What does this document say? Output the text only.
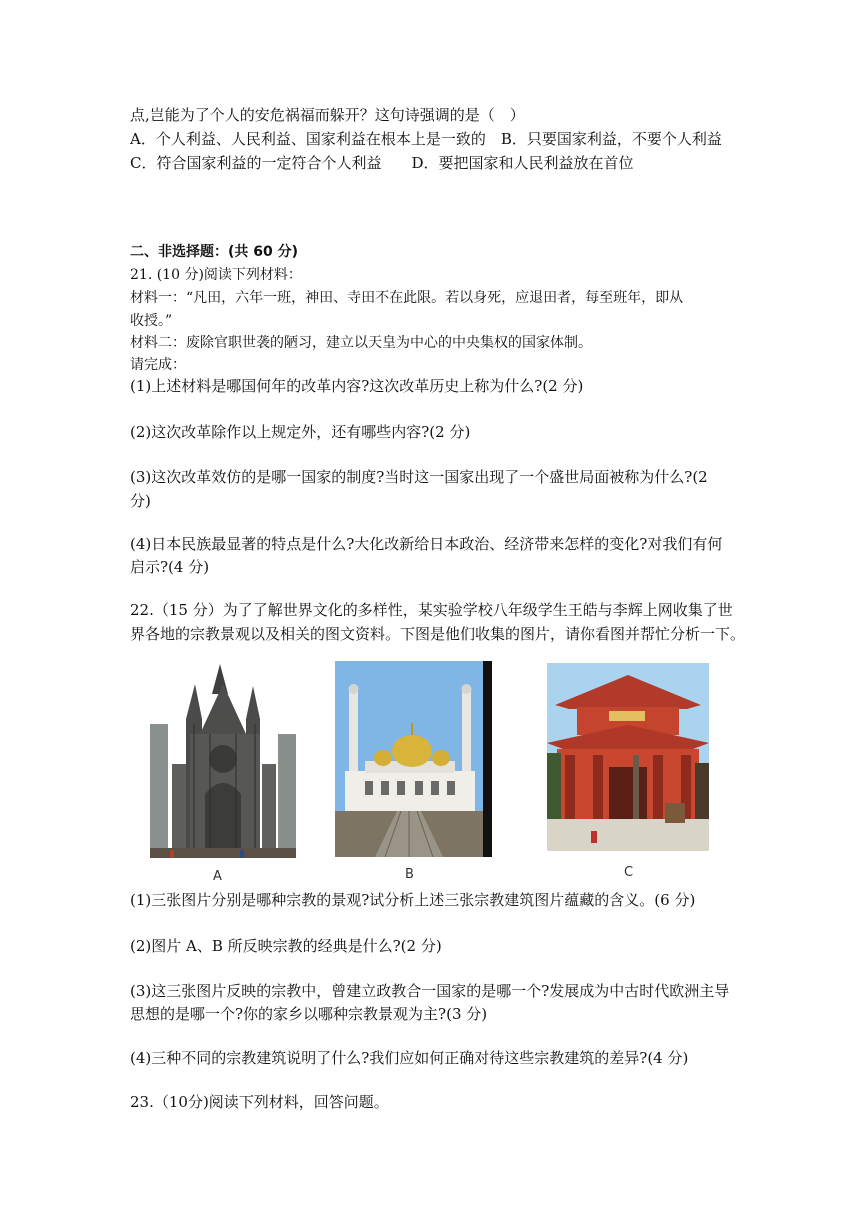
点,岂能为了个人的安危祸福而躲开？这句诗强调的是（　）
A．个人利益、人民利益、国家利益在根本上是一致的　B．只要国家利益，不要个人利益
C．符合国家利益的一定符合个人利益　　D．要把国家和人民利益放在首位
二、非选择题：(共 60 分)
21. (10 分)阅读下列材料：
材料一：“凡田，六年一班，神田、寺田不在此限。若以身死，应退田者，每至班年，即从
收授。”
材料二：废除官职世袭的陋习，建立以天皇为中心的中央集权的国家体制。
请完成：
(1)上述材料是哪国何年的改革内容?这次改革历史上称为什么?(2 分)
(2)这次改革除作以上规定外，还有哪些内容?(2 分)
(3)这次改革效仿的是哪一国家的制度?当时这一国家出现了一个盛世局面被称为什么?(2
分)
(4)日本民族最显著的特点是什么?大化改新给日本政治、经济带来怎样的变化?对我们有何
启示?(4 分)
22.（15 分）为了了解世界文化的多样性，某实验学校八年级学生王皓与李辉上网收集了世
界各地的宗教景观以及相关的图文资料。下图是他们收集的图片，请你看图并帮忙分析一下。
A	B	C
(1)三张图片分别是哪种宗教的景观?试分析上述三张宗教建筑图片蕴藏的含义。(6 分)
(2)图片 A、B 所反映宗教的经典是什么?(2 分)
(3)这三张图片反映的宗教中，曾建立政教合一国家的是哪一个?发展成为中古时代欧洲主导
思想的是哪一个?你的家乡以哪种宗教景观为主?(3 分)
(4)三种不同的宗教建筑说明了什么?我们应如何正确对待这些宗教建筑的差异?(4 分)
23.（10分)阅读下列材料，回答问题。
